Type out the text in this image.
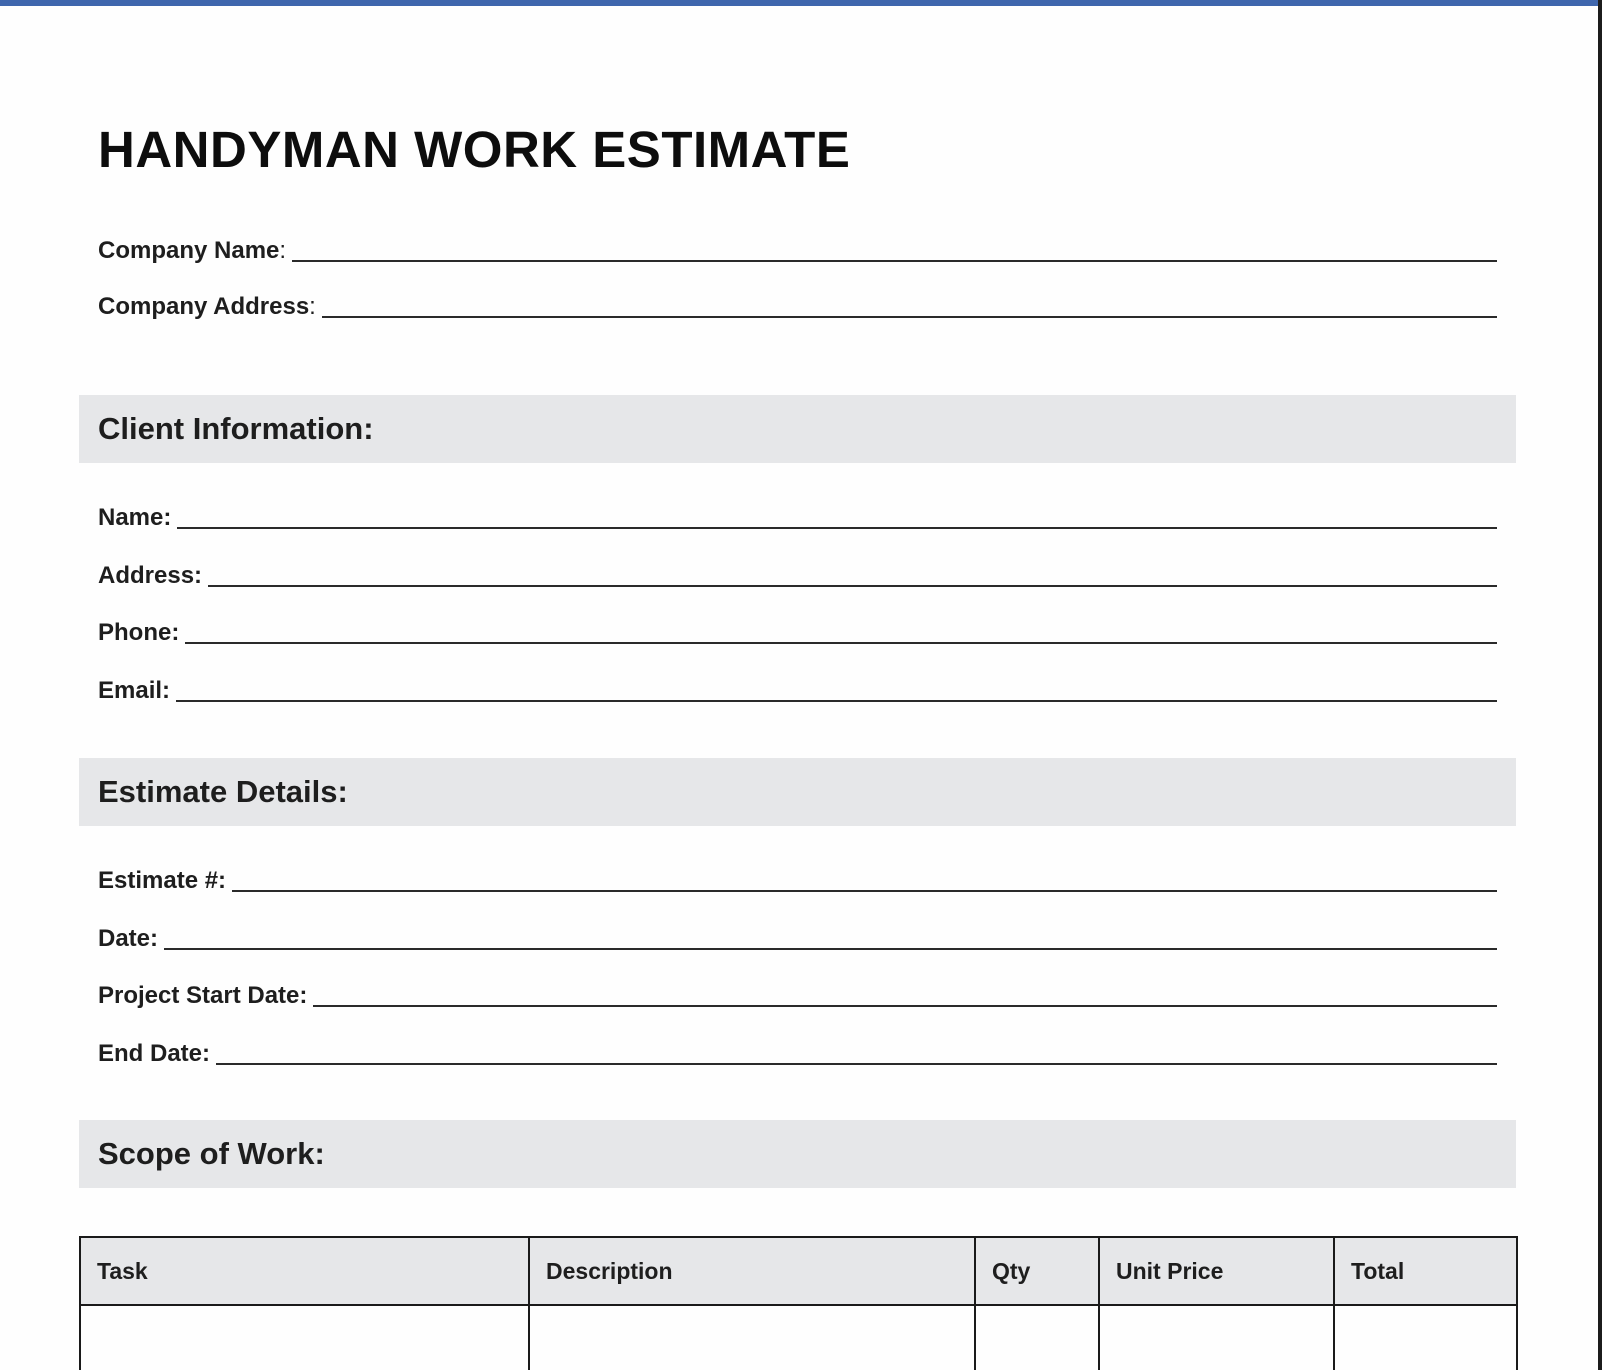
HANDYMAN WORK ESTIMATE
Company Name:
Company Address:
Client Information:
Name:
Address:
Phone:
Email:
Estimate Details:
Estimate #:
Date:
Project Start Date:
End Date:
Scope of Work:
Task	Description	Qty	Unit Price	Total
